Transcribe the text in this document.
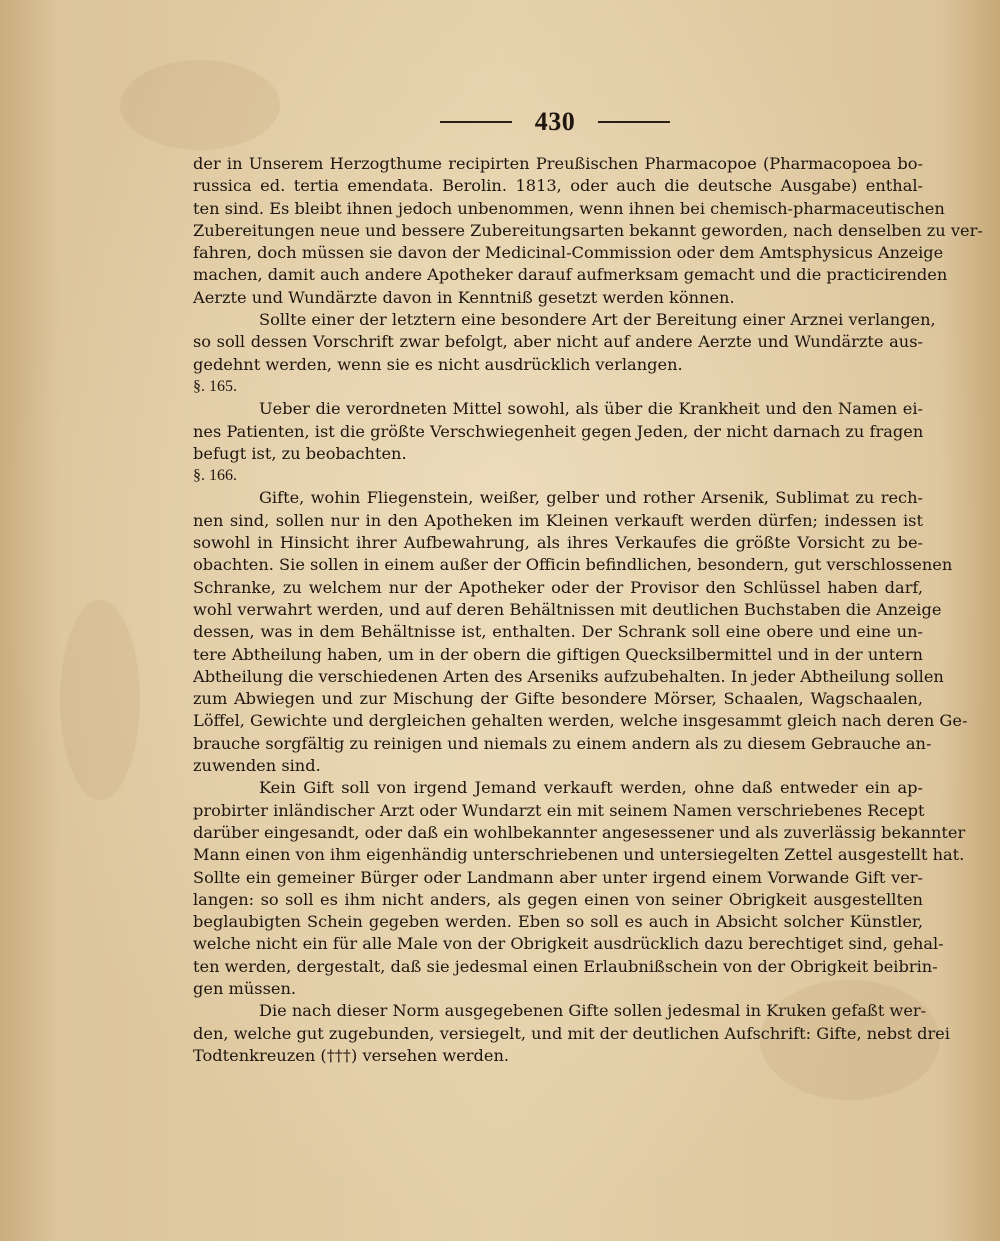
430
der in Unserem Herzogthume recipirten Preußischen Pharmacopoe (Pharmacopoea bo-
russica ed. tertia emendata. Berolin. 1813, oder auch die deutsche Ausgabe) enthal-
ten sind. Es bleibt ihnen jedoch unbenommen, wenn ihnen bei chemisch-pharmaceutischen
Zubereitungen neue und bessere Zubereitungsarten bekannt geworden, nach denselben zu ver-
fahren, doch müssen sie davon der Medicinal-Commission oder dem Amtsphysicus Anzeige
machen, damit auch andere Apotheker darauf aufmerksam gemacht und die practicirenden
Aerzte und Wundärzte davon in Kenntniß gesetzt werden können.
Sollte einer der letztern eine besondere Art der Bereitung einer Arznei verlangen,
so soll dessen Vorschrift zwar befolgt, aber nicht auf andere Aerzte und Wundärzte aus-
gedehnt werden, wenn sie es nicht ausdrücklich verlangen.
§. 165.
Ueber die verordneten Mittel sowohl, als über die Krankheit und den Namen ei-
nes Patienten, ist die größte Verschwiegenheit gegen Jeden, der nicht darnach zu fragen
befugt ist, zu beobachten.
§. 166.
Gifte, wohin Fliegenstein, weißer, gelber und rother Arsenik, Sublimat zu rech-
nen sind, sollen nur in den Apotheken im Kleinen verkauft werden dürfen; indessen ist
sowohl in Hinsicht ihrer Aufbewahrung, als ihres Verkaufes die größte Vorsicht zu be-
obachten. Sie sollen in einem außer der Officin befindlichen, besondern, gut verschlossenen
Schranke, zu welchem nur der Apotheker oder der Provisor den Schlüssel haben darf,
wohl verwahrt werden, und auf deren Behältnissen mit deutlichen Buchstaben die Anzeige
dessen, was in dem Behältnisse ist, enthalten. Der Schrank soll eine obere und eine un-
tere Abtheilung haben, um in der obern die giftigen Quecksilbermittel und in der untern
Abtheilung die verschiedenen Arten des Arseniks aufzubehalten. In jeder Abtheilung sollen
zum Abwiegen und zur Mischung der Gifte besondere Mörser, Schaalen, Wagschaalen,
Löffel, Gewichte und dergleichen gehalten werden, welche insgesammt gleich nach deren Ge-
brauche sorgfältig zu reinigen und niemals zu einem andern als zu diesem Gebrauche an-
zuwenden sind.
Kein Gift soll von irgend Jemand verkauft werden, ohne daß entweder ein ap-
probirter inländischer Arzt oder Wundarzt ein mit seinem Namen verschriebenes Recept
darüber eingesandt, oder daß ein wohlbekannter angesessener und als zuverlässig bekannter
Mann einen von ihm eigenhändig unterschriebenen und untersiegelten Zettel ausgestellt hat.
Sollte ein gemeiner Bürger oder Landmann aber unter irgend einem Vorwande Gift ver-
langen: so soll es ihm nicht anders, als gegen einen von seiner Obrigkeit ausgestellten
beglaubigten Schein gegeben werden. Eben so soll es auch in Absicht solcher Künstler,
welche nicht ein für alle Male von der Obrigkeit ausdrücklich dazu berechtiget sind, gehal-
ten werden, dergestalt, daß sie jedesmal einen Erlaubnißschein von der Obrigkeit beibrin-
gen müssen.
Die nach dieser Norm ausgegebenen Gifte sollen jedesmal in Kruken gefaßt wer-
den, welche gut zugebunden, versiegelt, und mit der deutlichen Aufschrift: Gifte, nebst drei
Todtenkreuzen (†††) versehen werden.
